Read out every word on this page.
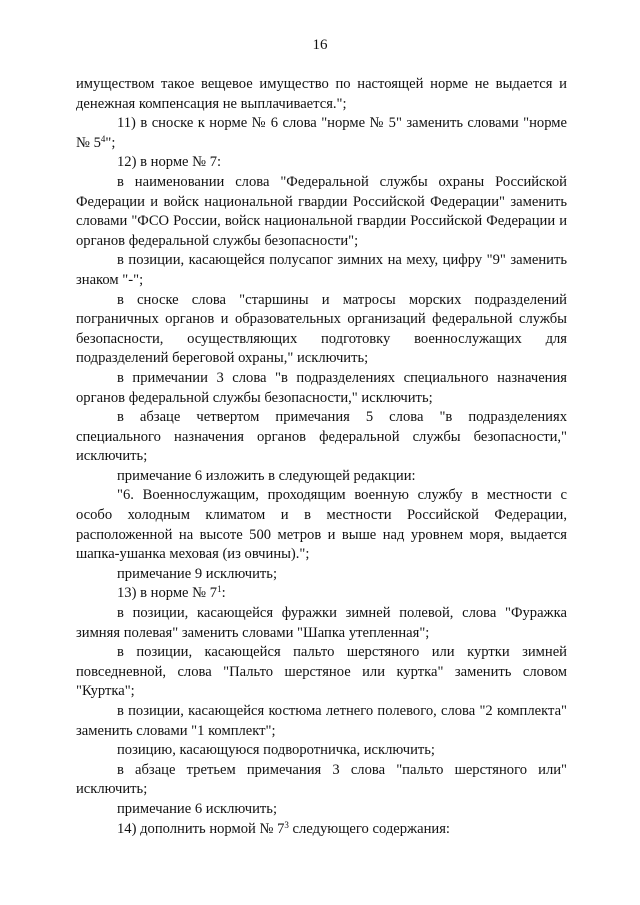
16

имуществом такое вещевое имущество по настоящей норме не выдается и денежная компенсация не выплачивается.";

11) в сноске к норме № 6 слова "норме № 5" заменить словами "норме № $5^4$";

12) в норме № 7:

в наименовании слова "Федеральной службы охраны Российской Федерации и войск национальной гвардии Российской Федерации" заменить словами "ФСО России, войск национальной гвардии Российской Федерации и органов федеральной службы безопасности";

в позиции, касающейся полусапог зимних на меху, цифру "9" заменить знаком "-";

в сноске слова "старшины и матросы морских подразделений пограничных органов и образовательных организаций федеральной службы безопасности, осуществляющих подготовку военнослужащих для подразделений береговой охраны," исключить;

в примечании 3 слова "в подразделениях специального назначения органов федеральной службы безопасности," исключить;

в абзаце четвертом примечания 5 слова "в подразделениях специального назначения органов федеральной службы безопасности," исключить;

примечание 6 изложить в следующей редакции:

"6. Военнослужащим, проходящим военную службу в местности с особо холодным климатом и в местности Российской Федерации, расположенной на высоте 500 метров и выше над уровнем моря, выдается шапка-ушанка меховая (из овчины).";

примечание 9 исключить;

13) в норме № $7^1$:

в позиции, касающейся фуражки зимней полевой, слова "Фуражка зимняя полевая" заменить словами "Шапка утепленная";

в позиции, касающейся пальто шерстяного или куртки зимней повседневной, слова "Пальто шерстяное или куртка" заменить словом "Куртка";

в позиции, касающейся костюма летнего полевого, слова "2 комплекта" заменить словами "1 комплект";

позицию, касающуюся подворотничка, исключить;

в абзаце третьем примечания 3 слова "пальто шерстяного или" исключить;

примечание 6 исключить;

14) дополнить нормой № $7^3$ следующего содержания:
